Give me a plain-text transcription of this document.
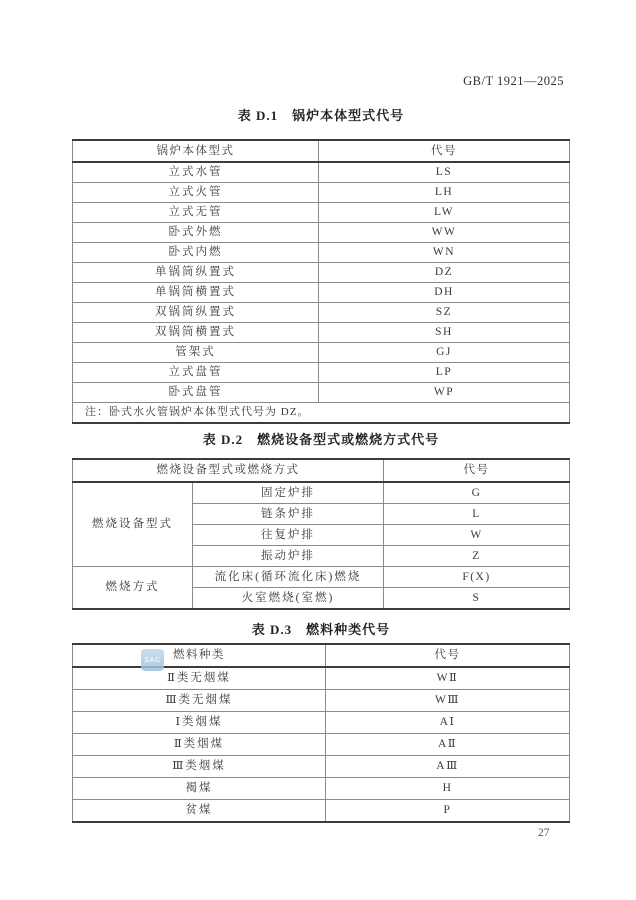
GB/T 1921—2025
表 D.1　锅炉本体型式代号
锅炉本体型式	代号
立式水管	LS
立式火管	LH
立式无管	LW
卧式外燃	WW
卧式内燃	WN
单锅筒纵置式	DZ
单锅筒横置式	DH
双锅筒纵置式	SZ
双锅筒横置式	SH
管架式	GJ
立式盘管	LP
卧式盘管	WP
注：卧式水火管锅炉本体型式代号为 DZ。	
表 D.2　燃烧设备型式或燃烧方式代号
燃烧设备型式或燃烧方式		代号
燃烧设备型式	固定炉排	G
	链条炉排	L
	往复炉排	W
	振动炉排	Z
燃烧方式	流化床(循环流化床)燃烧	F(X)
	火室燃烧(室燃)	S
表 D.3　燃料种类代号
燃料种类	代号
Ⅱ类无烟煤	WⅡ
Ⅲ类无烟煤	WⅢ
Ⅰ类烟煤	AⅠ
Ⅱ类烟煤	AⅡ
Ⅲ类烟煤	AⅢ
褐煤	H
贫煤	P
SAC
27
